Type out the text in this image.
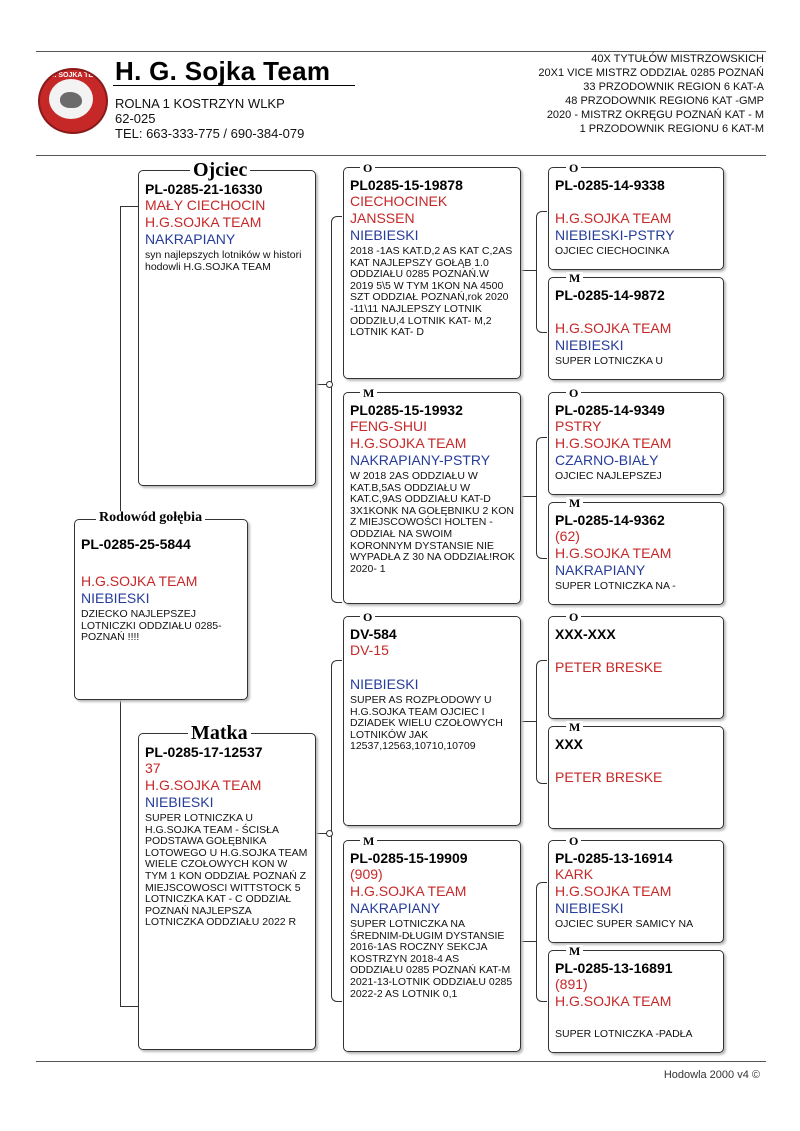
H.G. SOJKA TEAM H. G. Sojka Team
ROLNA 1 KOSTRZYN WLKP
62-025
TEL: 663-333-775 / 690-384-079
40X TYTUŁÓW MISTRZOWSKICH
20X1 VICE MISTRZ ODDZIAŁ 0285 POZNAŃ
33 PRZODOWNIK REGION 6 KAT-A
48 PRZODOWNIK REGION6 KAT -GMP
2020 - MISTRZ OKRĘGU POZNAŃ KAT - M
1 PRZODOWNIK REGIONU 6 KAT-M
PL-0285-25-5844
H.G.SOJKA TEAM
NIEBIESKI
DZIECKO NAJLEPSZEJ LOTNICZKI ODDZIAŁU 0285-POZNAŃ !!!!
Rodowód gołębia
PL-0285-21-16330
MAŁY CIECHOCIN
H.G.SOJKA TEAM
NAKRAPIANY
syn najlepszych lotników w histori hodowli H.G.SOJKA TEAM
Ojciec
PL-0285-17-12537
37
H.G.SOJKA TEAM
NIEBIESKI
SUPER LOTNICZKA U H.G.SOJKA TEAM - ŚCISŁA PODSTAWA GOŁĘBNIKA LOTOWEGO U H.G.SOJKA TEAM WIELE CZOŁOWYCH KON W TYM 1 KON ODDZIAŁ POZNAŃ Z MIEJSCOWOSCI WITTSTOCK 5 LOTNICZKA KAT - C ODDZIAŁ POZNAŃ NAJLEPSZA LOTNICZKA ODDZIAŁU 2022 R
Matka
PL0285-15-19878
CIECHOCINEK
JANSSEN
NIEBIESKI
2018 -1AS KAT.D,2 AS KAT C,2AS KAT NAJLEPSZY GOŁĄB 1.0 ODDZIAŁU 0285 POZNAŃ.W 2019 5\5 W TYM 1KON NA 4500 SZT ODDZIAŁ POZNAŃ,rok 2020 -11\11 NAJLEPSZY LOTNIK ODDZIŁU,4 LOTNIK KAT- M,2 LOTNIK KAT- D
O
PL0285-15-19932
FENG-SHUI
H.G.SOJKA TEAM
NAKRAPIANY-PSTRY
W 2018 2AS ODDZIAŁU W KAT.B,5AS ODDZIAŁU W KAT.C,9AS ODDZIAŁU KAT-D 3X1KONK NA GOŁĘBNIKU 2 KON Z MIEJSCOWOŚCI HOLTEN -ODDZIAŁ NA SWOIM KORONNYM DYSTANSIE NIE WYPADŁA Z 30 NA ODDZIAŁ!ROK 2020- 1
M
DV-584
DV-15
NIEBIESKI
SUPER AS ROZPŁODOWY U H.G.SOJKA TEAM OJCIEC I DZIADEK WIELU CZOŁOWYCH LOTNIKÓW JAK 12537,12563,10710,10709
O
PL-0285-15-19909
(909)
H.G.SOJKA TEAM
NAKRAPIANY
SUPER LOTNICZKA NA ŚREDNIM-DŁUGIM DYSTANSIE 2016-1AS ROCZNY SEKCJA KOSTRZYN 2018-4 AS ODDZIAŁU 0285 POZNAŃ KAT-M 2021-13-LOTNIK ODDZIAŁU 0285 2022-2 AS LOTNIK 0,1
M
PL-0285-14-9338
H.G.SOJKA TEAM
NIEBIESKI-PSTRY
OJCIEC CIECHOCINKA
O
PL-0285-14-9872
H.G.SOJKA TEAM
NIEBIESKI
SUPER LOTNICZKA U
M
PL-0285-14-9349
PSTRY
H.G.SOJKA TEAM
CZARNO-BIAŁY
OJCIEC NAJLEPSZEJ
O
PL-0285-14-9362
(62)
H.G.SOJKA TEAM
NAKRAPIANY
SUPER LOTNICZKA NA -
M
XXX-XXX
PETER BRESKE
O
XXX
PETER BRESKE
M
PL-0285-13-16914
KARK
H.G.SOJKA TEAM
NIEBIESKI
OJCIEC SUPER SAMICY NA
O
PL-0285-13-16891
(891)
H.G.SOJKA TEAM
SUPER LOTNICZKA -PADŁA
M
Hodowla 2000 v4 ©
